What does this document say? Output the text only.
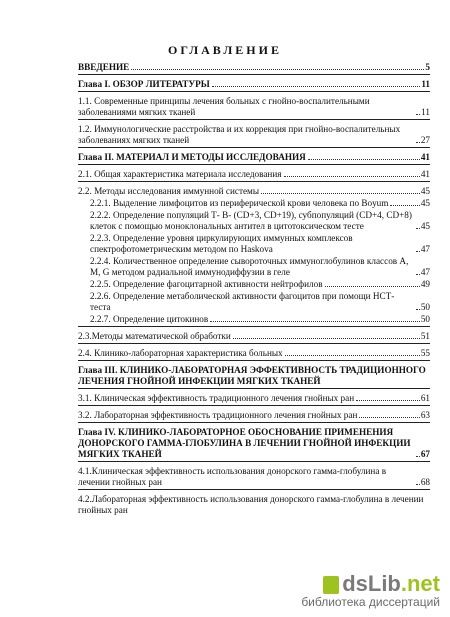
ОГЛАВЛЕНИЕ
ВВЕДЕНИЕ	5
Глава I. ОБЗОР ЛИТЕРАТУРЫ	11
1.1. Современные принципы лечения больных с гнойно-воспалительными заболеваниями мягких тканей	11
1.2. Иммунологические расстройства и их коррекция при гнойно-воспалительных заболеваниях мягких тканей	27
Глава II. МАТЕРИАЛ И МЕТОДЫ ИССЛЕДОВАНИЯ	41
2.1. Общая характеристика материала исследования	41
2.2. Методы исследования иммунной системы	45
2.2.1. Выделение лимфоцитов из периферической крови человека по Boyum	45
2.2.2. Определение популяций Т- В- (CD+3, CD+19), субпопуляций (CD+4, CD+8) клеток с помощью моноклональных антител в цитотоксическом тесте	45
2.2.3. Определение уровня циркулирующих иммунных комплексов спектрофотометрическим методом по Haskova	47
2.2.4. Количественное определение сывороточных иммуноглобулинов классов A, M, G методом радиальной иммунодиффузии в геле	47
2.2.5. Определение фагоцитарной активности нейтрофилов	49
2.2.6. Определение метаболической активности фагоцитов при помощи НСТ-теста	50
2.2.7. Определение цитокинов	50
2.3.Методы математической обработки	51
2.4. Клинико-лабораторная характеристика больных	55
Глава III. КЛИНИКО-ЛАБОРАТОРНАЯ ЭФФЕКТИВНОСТЬ ТРАДИЦИОННОГО ЛЕЧЕНИЯ ГНОЙНОЙ ИНФЕКЦИИ МЯГКИХ ТКАНЕЙ
3.1. Клиническая эффективность традиционного лечения гнойных ран	61
3.2. Лабораторная эффективность традиционного лечения гнойных ран	63
Глава IV. КЛИНИКО-ЛАБОРАТОРНОЕ ОБОСНОВАНИЕ ПРИМЕНЕНИЯ ДОНОРСКОГО ГАММА-ГЛОБУЛИНА В ЛЕЧЕНИИ ГНОЙНОЙ ИНФЕКЦИИ МЯГКИХ ТКАНЕЙ	67
4.1.Клиническая эффективность использования донорского гамма-глобулина в лечении гнойных ран	68
4.2.Лабораторная эффективность использования донорского гамма-глобулина в лечении гнойных ран
dsLib.net
библиотека диссертаций
